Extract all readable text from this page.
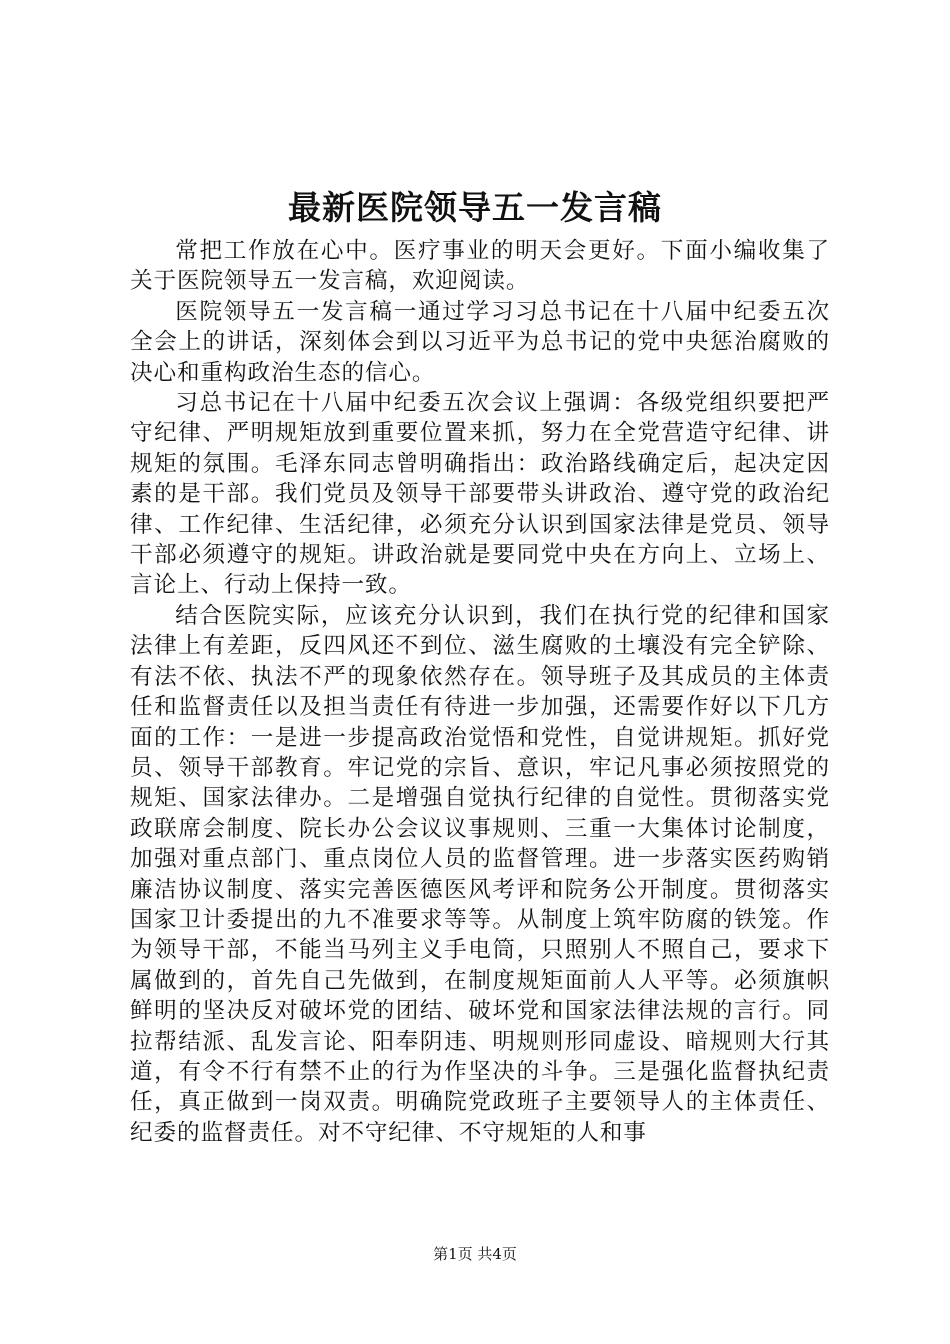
最新医院领导五一发言稿

常把工作放在心中。医疗事业的明天会更好。下面小编收集了关于医院领导五一发言稿，欢迎阅读。

医院领导五一发言稿一通过学习习总书记在十八届中纪委五次全会上的讲话，深刻体会到以习近平为总书记的党中央惩治腐败的决心和重构政治生态的信心。

习总书记在十八届中纪委五次会议上强调：各级党组织要把严守纪律、严明规矩放到重要位置来抓，努力在全党营造守纪律、讲规矩的氛围。毛泽东同志曾明确指出：政治路线确定后，起决定因素的是干部。我们党员及领导干部要带头讲政治、遵守党的政治纪律、工作纪律、生活纪律，必须充分认识到国家法律是党员、领导干部必须遵守的规矩。讲政治就是要同党中央在方向上、立场上、言论上、行动上保持一致。

结合医院实际，应该充分认识到，我们在执行党的纪律和国家法律上有差距，反四风还不到位、滋生腐败的土壤没有完全铲除、有法不依、执法不严的现象依然存在。领导班子及其成员的主体责任和监督责任以及担当责任有待进一步加强，还需要作好以下几方面的工作：一是进一步提高政治觉悟和党性，自觉讲规矩。抓好党员、领导干部教育。牢记党的宗旨、意识，牢记凡事必须按照党的规矩、国家法律办。二是增强自觉执行纪律的自觉性。贯彻落实党政联席会制度、院长办公会议议事规则、三重一大集体讨论制度，加强对重点部门、重点岗位人员的监督管理。进一步落实医药购销廉洁协议制度、落实完善医德医风考评和院务公开制度。贯彻落实国家卫计委提出的九不准要求等等。从制度上筑牢防腐的铁笼。作为领导干部，不能当马列主义手电筒，只照别人不照自己，要求下属做到的，首先自己先做到，在制度规矩面前人人平等。必须旗帜鲜明的坚决反对破坏党的团结、破坏党和国家法律法规的言行。同拉帮结派、乱发言论、阳奉阴违、明规则形同虚设、暗规则大行其道，有令不行有禁不止的行为作坚决的斗争。三是强化监督执纪责任，真正做到一岗双责。明确院党政班子主要领导人的主体责任、纪委的监督责任。对不守纪律、不守规矩的人和事

第1页 共4页
